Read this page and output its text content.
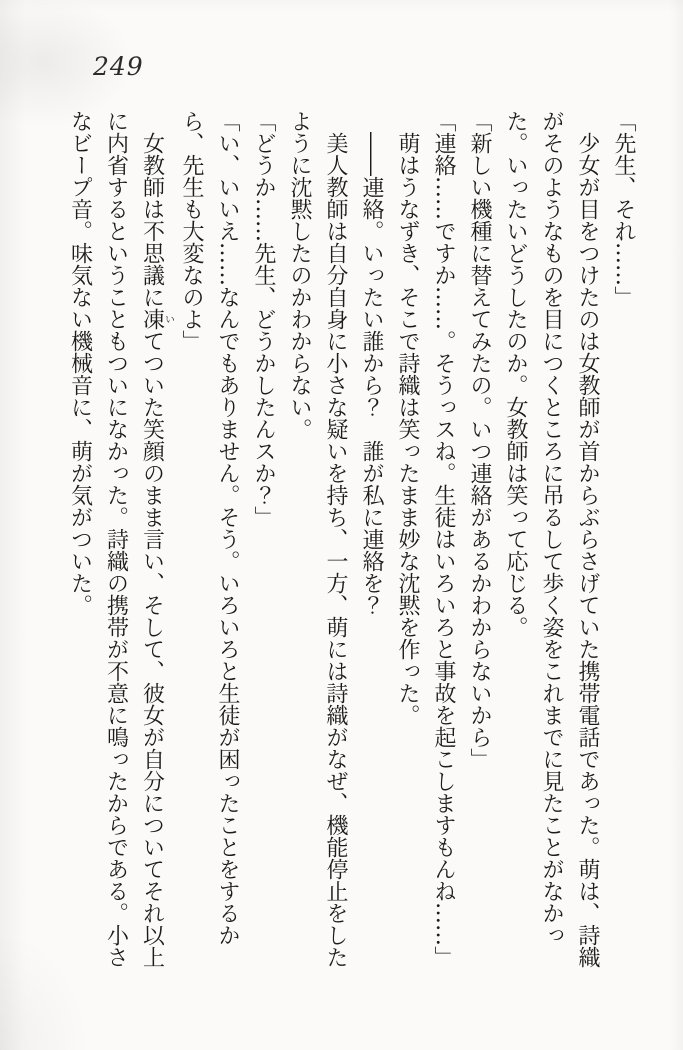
249

「先生、それ……」

　少女が目をつけたのは女教師が首からぶらさげていた携帯電話であった。萌は、詩織がそのようなものを目につくところに吊るして歩く姿をこれまでに見たことがなかった。いったいどうしたのか。女教師は笑って応じる。

「新しい機種に替えてみたの。いつ連絡があるかわからないから」

「連絡……ですか……。そうっスね。生徒はいろいろと事故を起こしますもんね……」

　萌はうなずき、そこで詩織は笑ったまま妙な沈黙を作った。

　――連絡。いったい誰から？　誰が私に連絡を？

　美人教師は自分自身に小さな疑いを持ち、一方、萌には詩織がなぜ、機能停止をしたように沈黙したのかわからない。

「どうか……先生、どうかしたんスか？」

「い、いいえ……なんでもありません。そう。いろいろと生徒が困ったことをするから、先生も大変なのよ」

　女教師は不思議に凍いてついた笑顔のまま言い、そして、彼女が自分についてそれ以上に内省するということもついになかった。詩織の携帯が不意に鳴ったからである。小さなビープ音。味気ない機械音に、萌が気がついた。
